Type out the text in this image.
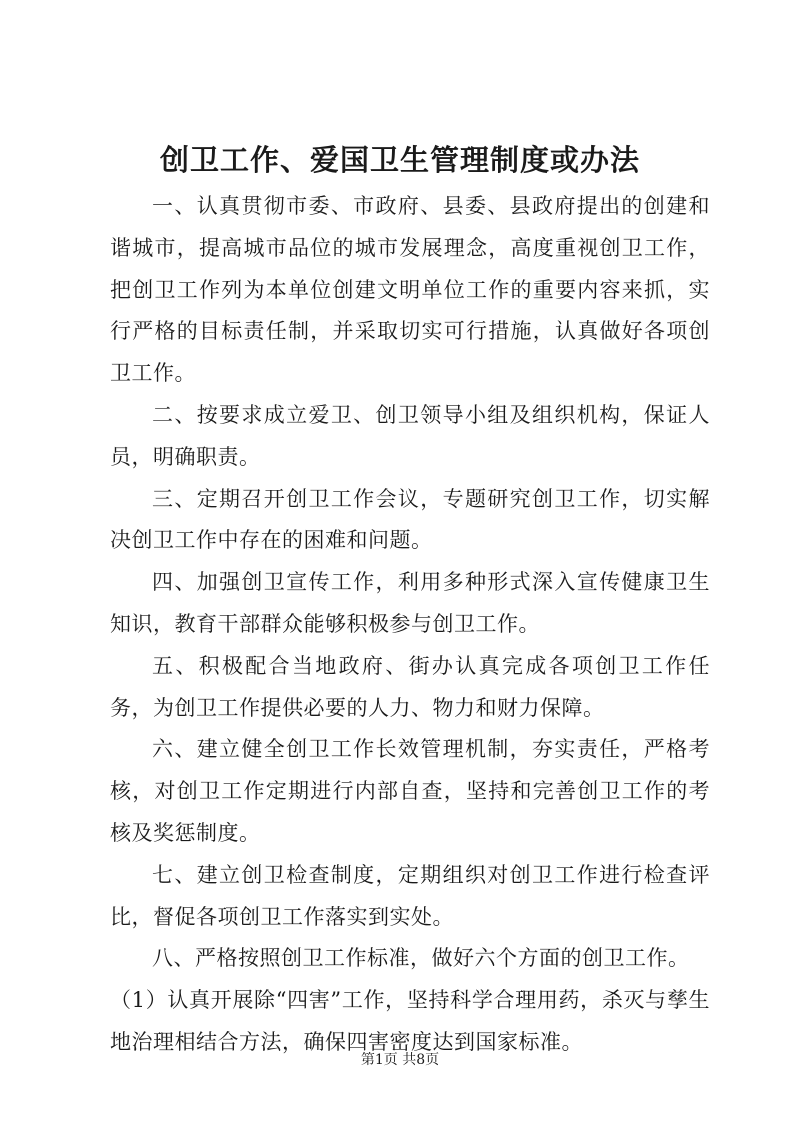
创卫工作、爱国卫生管理制度或办法

一、认真贯彻市委、市政府、县委、县政府提出的创建和谐城市，提高城市品位的城市发展理念，高度重视创卫工作，把创卫工作列为本单位创建文明单位工作的重要内容来抓，实行严格的目标责任制，并采取切实可行措施，认真做好各项创卫工作。

二、按要求成立爱卫、创卫领导小组及组织机构，保证人员，明确职责。

三、定期召开创卫工作会议，专题研究创卫工作，切实解决创卫工作中存在的困难和问题。

四、加强创卫宣传工作，利用多种形式深入宣传健康卫生知识，教育干部群众能够积极参与创卫工作。

五、积极配合当地政府、街办认真完成各项创卫工作任务，为创卫工作提供必要的人力、物力和财力保障。

六、建立健全创卫工作长效管理机制，夯实责任，严格考核，对创卫工作定期进行内部自查，坚持和完善创卫工作的考核及奖惩制度。

七、建立创卫检查制度，定期组织对创卫工作进行检查评比，督促各项创卫工作落实到实处。

八、严格按照创卫工作标准，做好六个方面的创卫工作。

（1）认真开展除“四害”工作，坚持科学合理用药，杀灭与孳生地治理相结合方法，确保四害密度达到国家标准。

第1页 共8页
